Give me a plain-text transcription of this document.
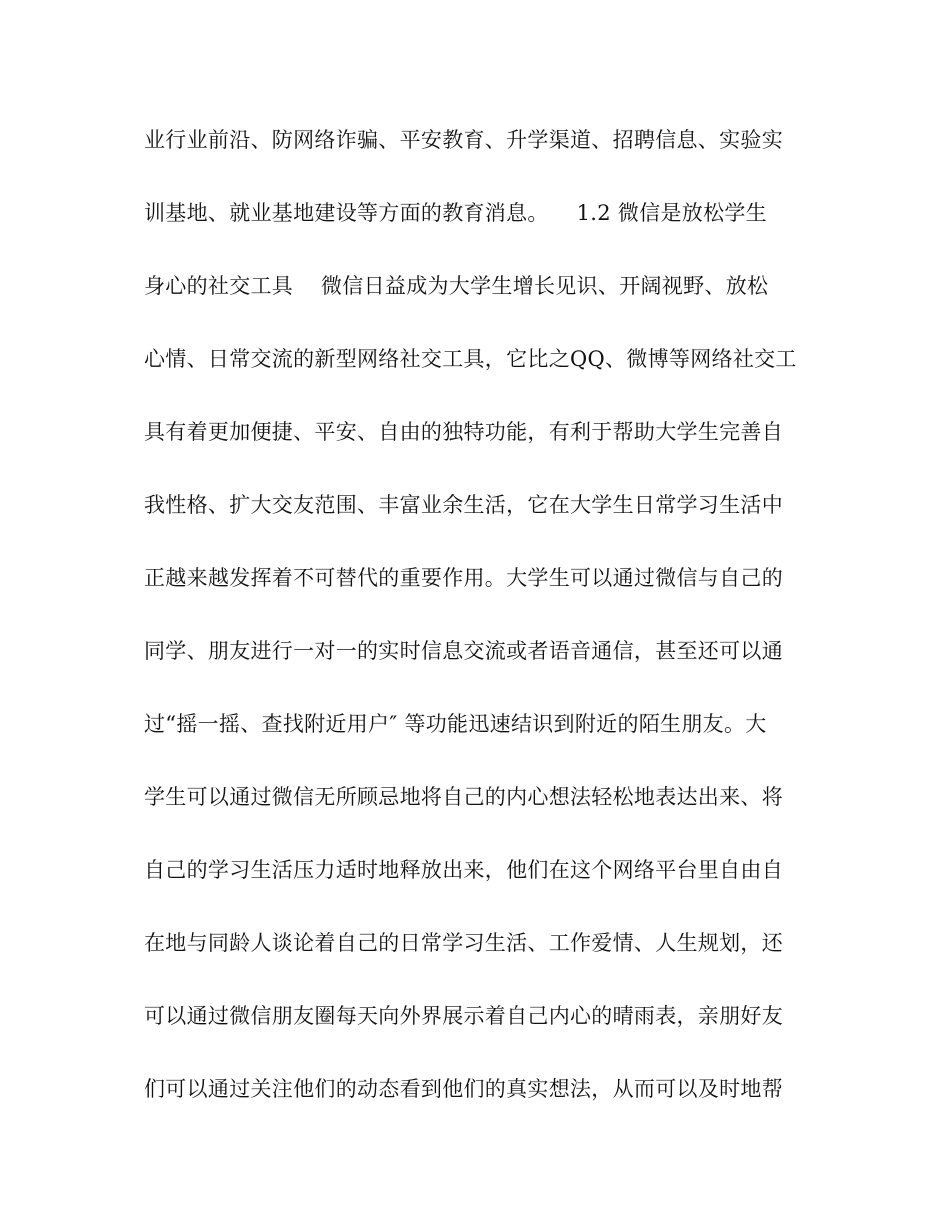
业行业前沿、防网络诈骗、平安教育、升学渠道、招聘信息、实验实
训基地、就业基地建设等方面的教育消息。    1.2 微信是放松学生
身心的社交工具    微信日益成为大学生增长见识、开阔视野、放松
心情、日常交流的新型网络社交工具，它比之QQ、微博等网络社交工
具有着更加便捷、平安、自由的独特功能，有利于帮助大学生完善自
我性格、扩大交友范围、丰富业余生活，它在大学生日常学习生活中
正越来越发挥着不可替代的重要作用。大学生可以通过微信与自己的
同学、朋友进行一对一的实时信息交流或者语音通信，甚至还可以通
过“摇一摇、查找附近用户″ 等功能迅速结识到附近的陌生朋友。大
学生可以通过微信无所顾忌地将自己的内心想法轻松地表达出来、将
自己的学习生活压力适时地释放出来，他们在这个网络平台里自由自
在地与同龄人谈论着自己的日常学习生活、工作爱情、人生规划，还
可以通过微信朋友圈每天向外界展示着自己内心的晴雨表，亲朋好友
们可以通过关注他们的动态看到他们的真实想法，从而可以及时地帮
